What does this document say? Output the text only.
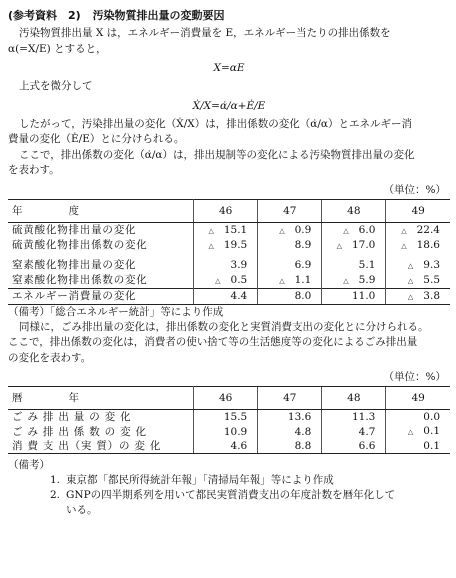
(参考資料　2) 汚染物質排出量の変動要因

汚染物質排出量 X は，エネルギー消費量を E，エネルギー当たりの排出係数を

α(=X/E) とすると，

X=αE

上式を微分して

Ẋ/X=α̇/α+Ė/E

したがって，汚染排出量の変化（Ẋ/X）は，排出係数の変化（α̇/α）とエネルギー消

費量の変化（Ė/E）とに分けられる。

ここで，排出係数の変化（α̇/α）は，排出規制等の変化による汚染物質排出量の変化

を表わす。

（単位：%）
年　　　　度	46	47	48	49
硫黄酸化物排出量の変化	△ 15.1	△ 0.9	△ 6.0	△ 22.4
硫黄酸化物排出係数の変化	△ 19.5	8.9	△ 17.0	△ 18.6

窒素酸化物排出量の変化	3.9	6.9	5.1	△ 9.3
窒素酸化物排出係数の変化	△ 0.5	△ 1.1	△ 5.9	△ 5.5
エネルギー消費量の変化	4.4	8.0	11.0	△ 3.8

（備考）「総合エネルギー統計」等により作成

同様に，ごみ排出量の変化は，排出係数の変化と実質消費支出の変化とに分けられる。

ここで，排出係数の変化は，消費者の使い捨て等の生活態度等の変化によるごみ排出量

の変化を表わす。

（単位：%）
暦　　　　年	46	47	48	49
ご み 排 出 量 の 変 化	15.5	13.6	11.3	0.0
ご み 排 出 係 数 の 変 化	10.9	4.8	4.7	△ 0.1
消 費 支 出（実 質）の 変 化	4.6	8.8	6.6	0.1

（備考）

1. 東京都「都民所得統計年報」「清掃局年報」等により作成
2. GNPの四半期系列を用いて都民実質消費支出の年度計数を暦年化して
いる。
